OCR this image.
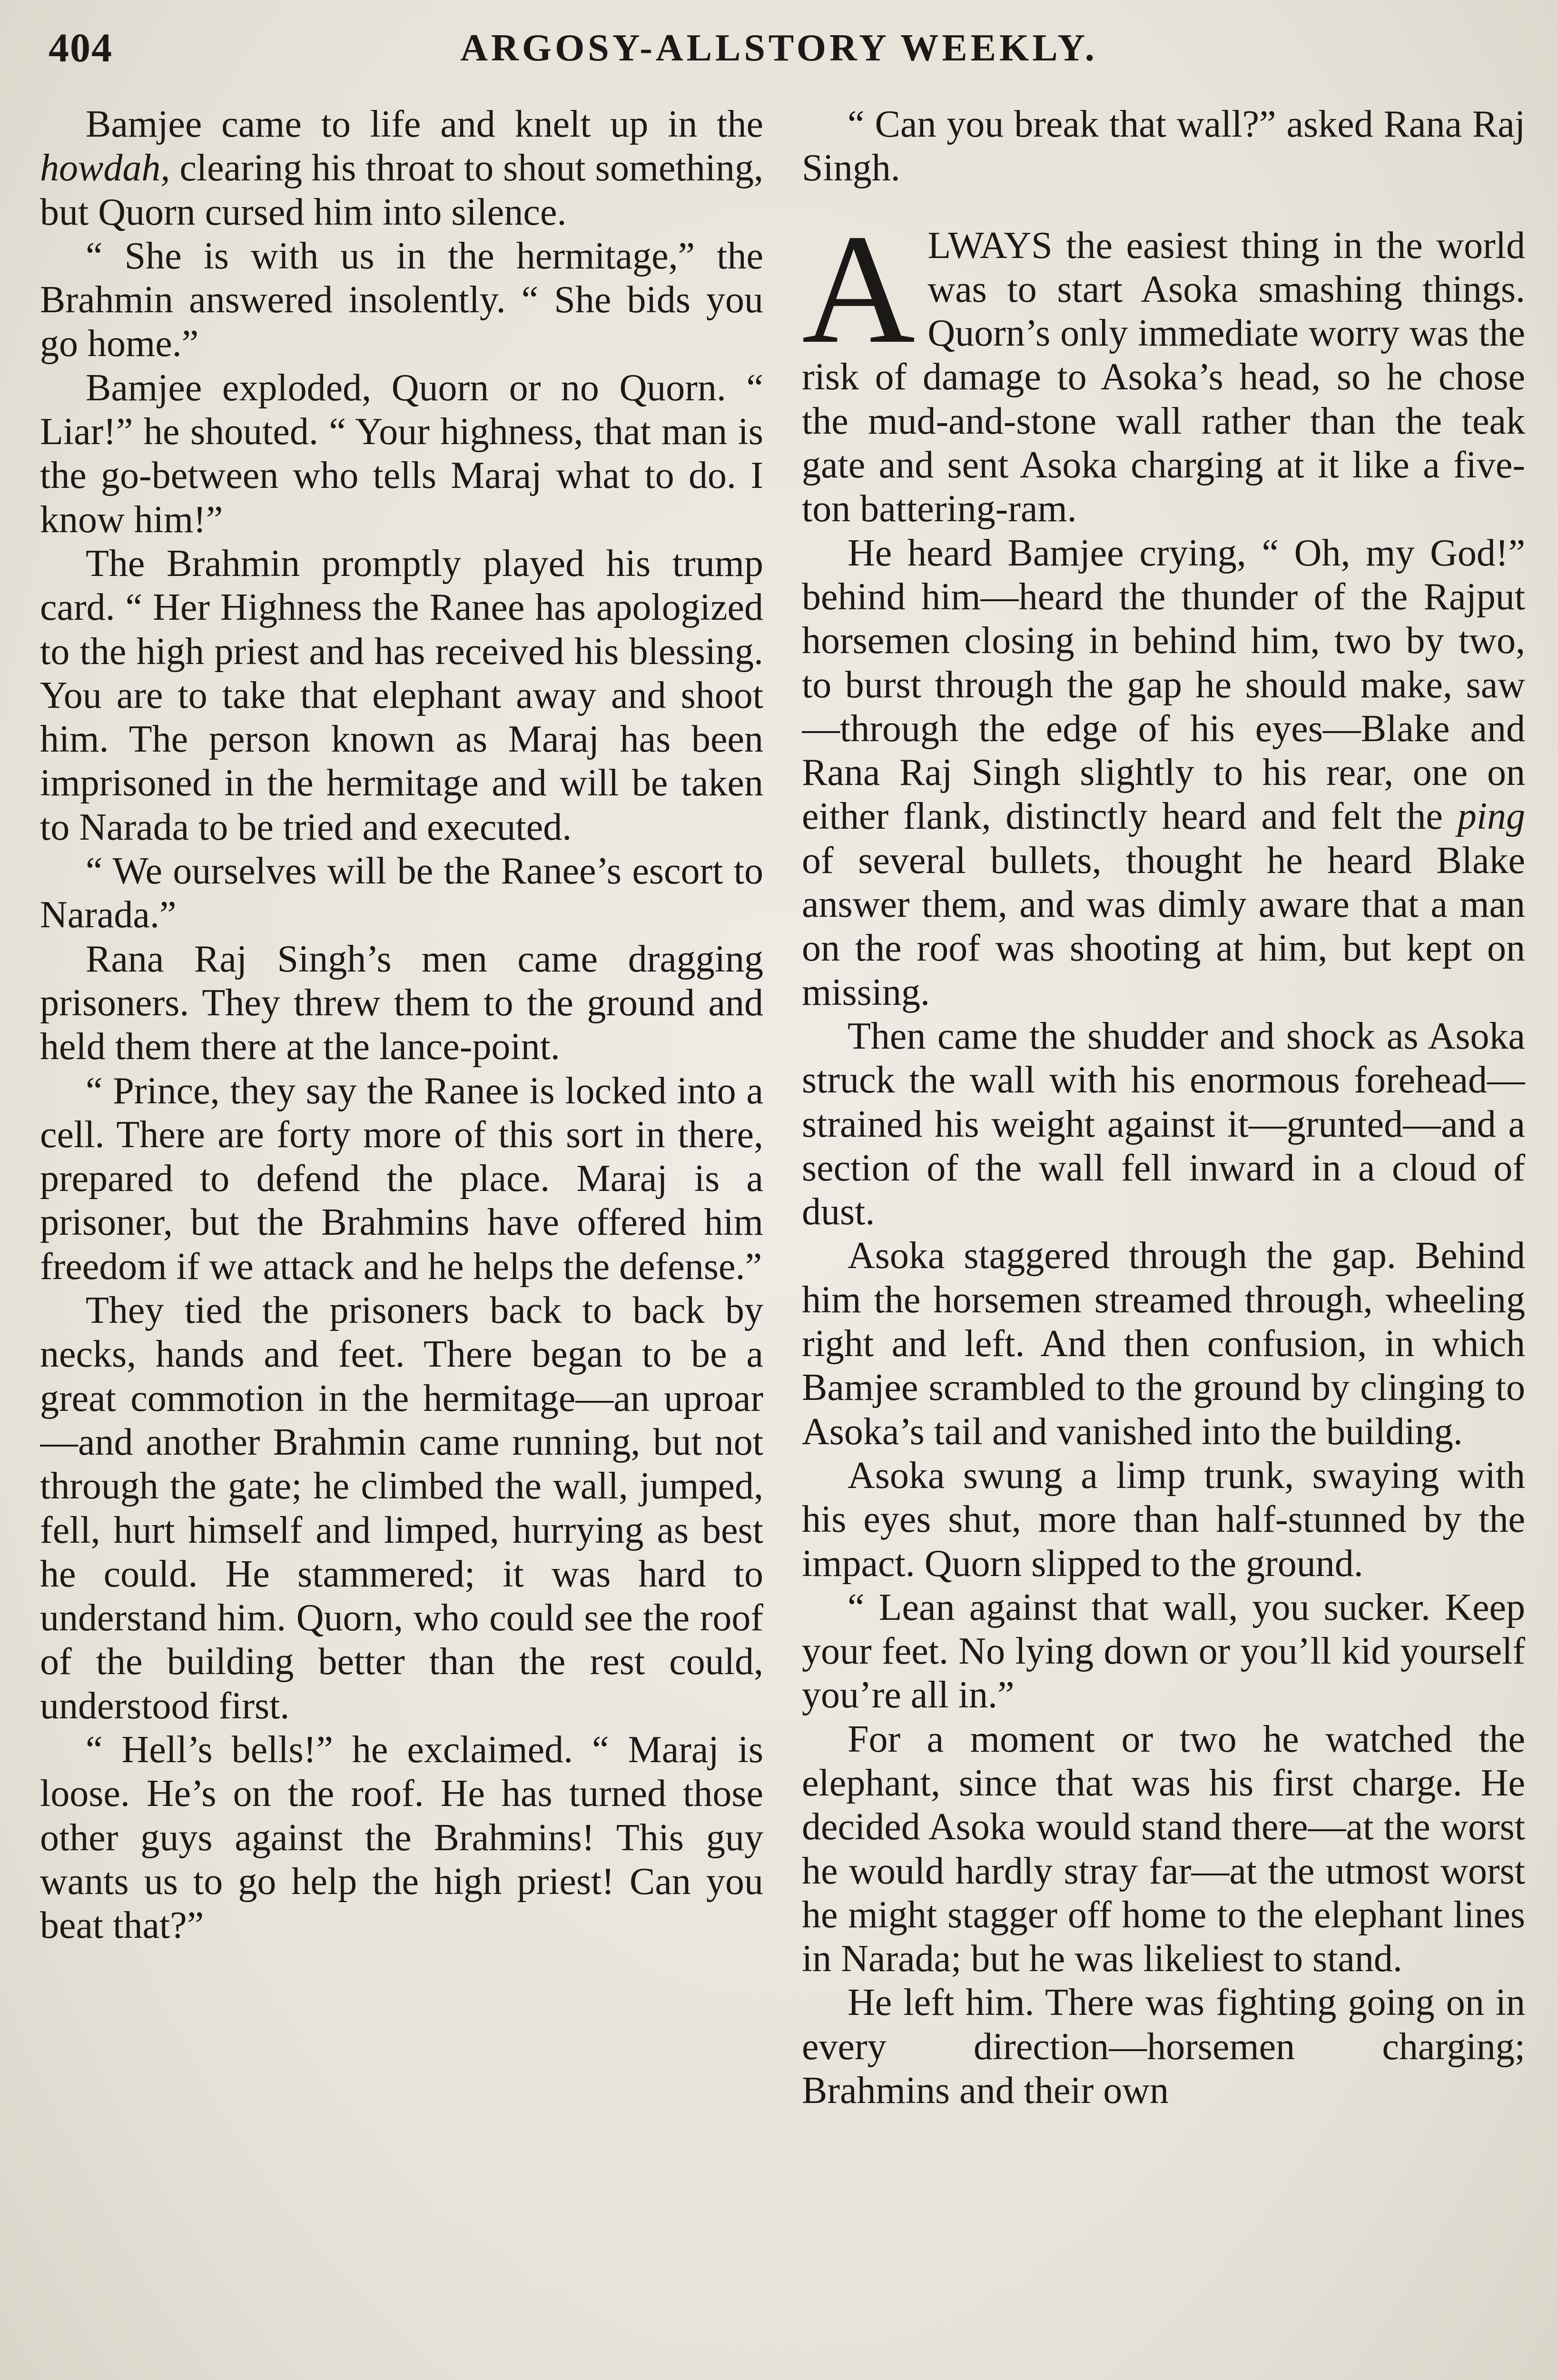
404	ARGOSY-ALLSTORY WEEKLY.

Bamjee came to life and knelt up in the howdah, clearing his throat to shout something, but Quorn cursed him into silence.

“ She is with us in the hermitage,” the Brahmin answered insolently. “ She bids you go home.”

Bamjee exploded, Quorn or no Quorn. “ Liar!” he shouted. “ Your highness, that man is the go-between who tells Maraj what to do. I know him!”

The Brahmin promptly played his trump card. “ Her Highness the Ranee has apologized to the high priest and has received his blessing. You are to take that elephant away and shoot him. The person known as Maraj has been imprisoned in the hermitage and will be taken to Narada to be tried and executed.

“ We ourselves will be the Ranee’s escort to Narada.”

Rana Raj Singh’s men came dragging prisoners. They threw them to the ground and held them there at the lance-point.

“ Prince, they say the Ranee is locked into a cell. There are forty more of this sort in there, prepared to defend the place. Maraj is a prisoner, but the Brahmins have offered him freedom if we attack and he helps the defense.”

They tied the prisoners back to back by necks, hands and feet. There began to be a great commotion in the hermitage—an uproar—and another Brahmin came running, but not through the gate; he climbed the wall, jumped, fell, hurt himself and limped, hurrying as best he could. He stammered; it was hard to understand him. Quorn, who could see the roof of the building better than the rest could, understood first.

“ Hell’s bells!” he exclaimed. “ Maraj is loose. He’s on the roof. He has turned those other guys against the Brahmins! This guy wants us to go help the high priest! Can you beat that?”

“ Can you break that wall?” asked Rana Raj Singh.

ALWAYS the easiest thing in the world was to start Asoka smashing things. Quorn’s only immediate worry was the risk of damage to Asoka’s head, so he chose the mud-and-stone wall rather than the teak gate and sent Asoka charging at it like a five-ton battering-ram.

He heard Bamjee crying, “ Oh, my God!” behind him—heard the thunder of the Rajput horsemen closing in behind him, two by two, to burst through the gap he should make, saw—through the edge of his eyes—Blake and Rana Raj Singh slightly to his rear, one on either flank, distinctly heard and felt the ping of several bullets, thought he heard Blake answer them, and was dimly aware that a man on the roof was shooting at him, but kept on missing.

Then came the shudder and shock as Asoka struck the wall with his enormous forehead—strained his weight against it—grunted—and a section of the wall fell inward in a cloud of dust.

Asoka staggered through the gap. Behind him the horsemen streamed through, wheeling right and left. And then confusion, in which Bamjee scrambled to the ground by clinging to Asoka’s tail and vanished into the building.

Asoka swung a limp trunk, swaying with his eyes shut, more than half-stunned by the impact. Quorn slipped to the ground.

“ Lean against that wall, you sucker. Keep your feet. No lying down or you’ll kid yourself you’re all in.”

For a moment or two he watched the elephant, since that was his first charge. He decided Asoka would stand there—at the worst he would hardly stray far—at the utmost worst he might stagger off home to the elephant lines in Narada; but he was likeliest to stand.

He left him. There was fighting going on in every direction—horsemen charging; Brahmins and their own
